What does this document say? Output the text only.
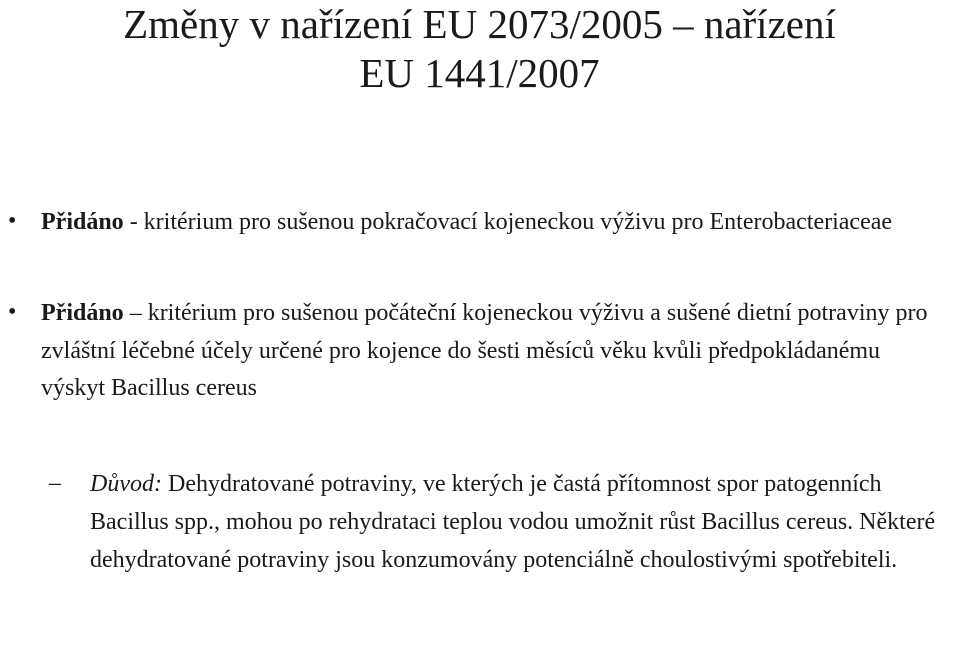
Změny v nařízení EU 2073/2005 – nařízení
EU 1441/2007
• Přidáno - kritérium pro sušenou pokračovací kojeneckou výživu pro Enterobacteriaceae
• Přidáno – kritérium pro sušenou počáteční kojeneckou výživu a sušené dietní potraviny pro zvláštní léčebné účely určené pro kojence do šesti měsíců věku kvůli předpokládanému výskyt Bacillus cereus
– Důvod: Dehydratované potraviny, ve kterých je častá přítomnost spor patogenních Bacillus spp., mohou po rehydrataci teplou vodou umožnit růst Bacillus cereus. Některé dehydratované potraviny jsou konzumovány potenciálně choulostivými spotřebiteli.
